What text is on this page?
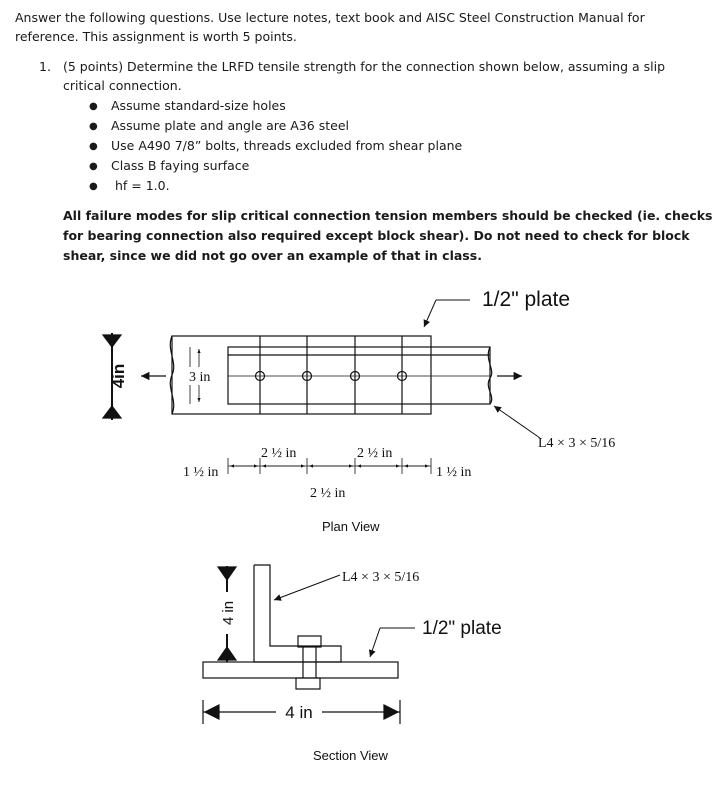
Answer the following questions. Use lecture notes, text book and AISC Steel Construction Manual for
reference. This assignment is worth 5 points.
1. (5 points) Determine the LRFD tensile strength for the connection shown below, assuming a slip
critical connection.
● Assume standard-size holes
● Assume plate and angle are A36 steel
● Use A490 7/8” bolts, threads excluded from shear plane
● Class B faying surface
● hf = 1.0.
All failure modes for slip critical connection tension members should be checked (ie. checks
for bearing connection also required except block shear). Do not need to check for block
shear, since we did not go over an example of that in class.
1/2" plate
4in	3 in
L4 × 3 × 5/16
1 ½ in
2 ½ in
2 ½ in
2 ½ in
1 ½ in
Plan View
L4 × 3 × 5/16
1/2" plate
4 in
4 in
Section View
